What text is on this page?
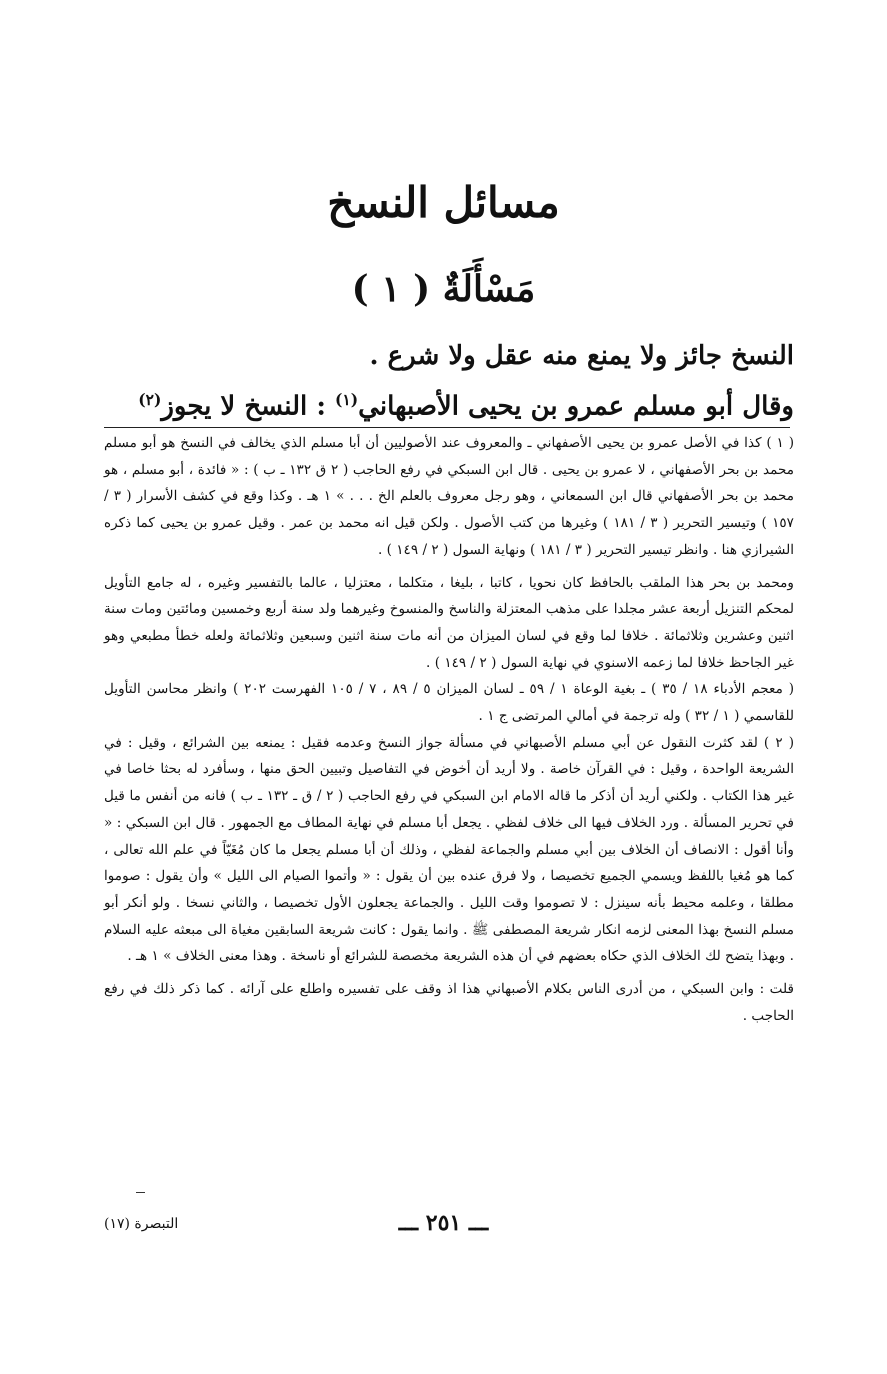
مسائل النسخ
مَسْأَلَةٌ ( ١ )

النسخ جائز ولا يمنع منه عقل ولا شرع .

وقال أبو مسلم عمرو بن يحيى الأصبهاني$^{(١)}$ : النسخ لا يجوز$^{(٢)}$

( ١ ) كذا في الأصل عمرو بن يحيى الأصفهاني ـ والمعروف عند الأصوليين أن أبا مسلم الذي يخالف في النسخ هو أبو مسلم محمد بن بحر الأصفهاني ، لا عمرو بن يحيى . قال ابن السبكي في رفع الحاجب ( ٢ ق ١٣٢ ـ ب ) : « فائدة ، أبو مسلم ، هو محمد بن بحر الأصفهاني قال ابن السمعاني ، وهو رجل معروف بالعلم الخ . . . » ١ هـ . وكذا وقع في كشف الأسرار ( ٣ / ١٥٧ ) وتيسير التحرير ( ٣ / ١٨١ ) وغيرها من كتب الأصول . ولكن قيل انه محمد بن عمر . وقيل عمرو بن يحيى كما ذكره الشيرازي هنا . وانظر تيسير التحرير ( ٣ / ١٨١ ) ونهاية السول ( ٢ / ١٤٩ ) .

ومحمد بن بحر هذا الملقب بالحافظ كان نحويا ، كاتبا ، بليغا ، متكلما ، معتزليا ، عالما بالتفسير وغيره ، له جامع التأويل لمحكم التنزيل أربعة عشر مجلدا على مذهب المعتزلة والناسخ والمنسوخ وغيرهما ولد سنة أربع وخمسين ومائتين ومات سنة اثنين وعشرين وثلاثمائة . خلافا لما وقع في لسان الميزان من أنه مات سنة اثنين وسبعين وثلاثمائة ولعله خطأ مطبعي وهو غير الجاحظ خلافا لما زعمه الاسنوي في نهاية السول ( ٢ / ١٤٩ ) .

( معجم الأدباء ١٨ / ٣٥ ) ـ بغية الوعاة ١ / ٥٩ ـ لسان الميزان ٥ / ٨٩ ، ٧ / ١٠٥ الفهرست ٢٠٢ ) وانظر محاسن التأويل للقاسمي ( ١ / ٣٢ ) وله ترجمة في أمالي المرتضى ج ١ .

( ٢ ) لقد كثرت النقول عن أبي مسلم الأصبهاني في مسألة جواز النسخ وعدمه فقيل : يمنعه بين الشرائع ، وقيل : في الشريعة الواحدة ، وقيل : في القرآن خاصة . ولا أريد أن أخوض في التفاصيل وتبيين الحق منها ، وسأفرد له بحثا خاصا في غير هذا الكتاب . ولكني أريد أن أذكر ما قاله الامام ابن السبكي في رفع الحاجب ( ٢ / ق ـ ١٣٢ ـ ب ) فانه من أنفس ما قيل في تحرير المسألة . ورد الخلاف فيها الى خلاف لفظي . يجعل أبا مسلم في نهاية المطاف مع الجمهور . قال ابن السبكي : « وأنا أقول : الانصاف أن الخلاف بين أبي مسلم والجماعة لفظي ، وذلك أن أبا مسلم يجعل ما كان مُغَيّاً في علم الله تعالى ، كما هو مُغيا باللفظ ويسمي الجميع تخصيصا ، ولا فرق عنده بين أن يقول : « وأتموا الصيام الى الليل » وأن يقول : صوموا مطلقا ، وعلمه محيط بأنه سينزل : لا تصوموا وقت الليل . والجماعة يجعلون الأول تخصيصا ، والثاني نسخا . ولو أنكر أبو مسلم النسخ بهذا المعنى لزمه انكار شريعة المصطفى ﷺ . وانما يقول : كانت شريعة السابقين مغياة الى مبعثه عليه السلام . وبهذا يتضح لك الخلاف الذي حكاه بعضهم في أن هذه الشريعة مخصصة للشرائع أو ناسخة . وهذا معنى الخلاف » ١ هـ .

قلت : وابن السبكي ، من أدرى الناس بكلام الأصبهاني هذا اذ وقف على تفسيره واطلع على آرائه . كما ذكر ذلك في رفع الحاجب .

ـــ ٢٥١ ـــ
التبصرة (١٧)
